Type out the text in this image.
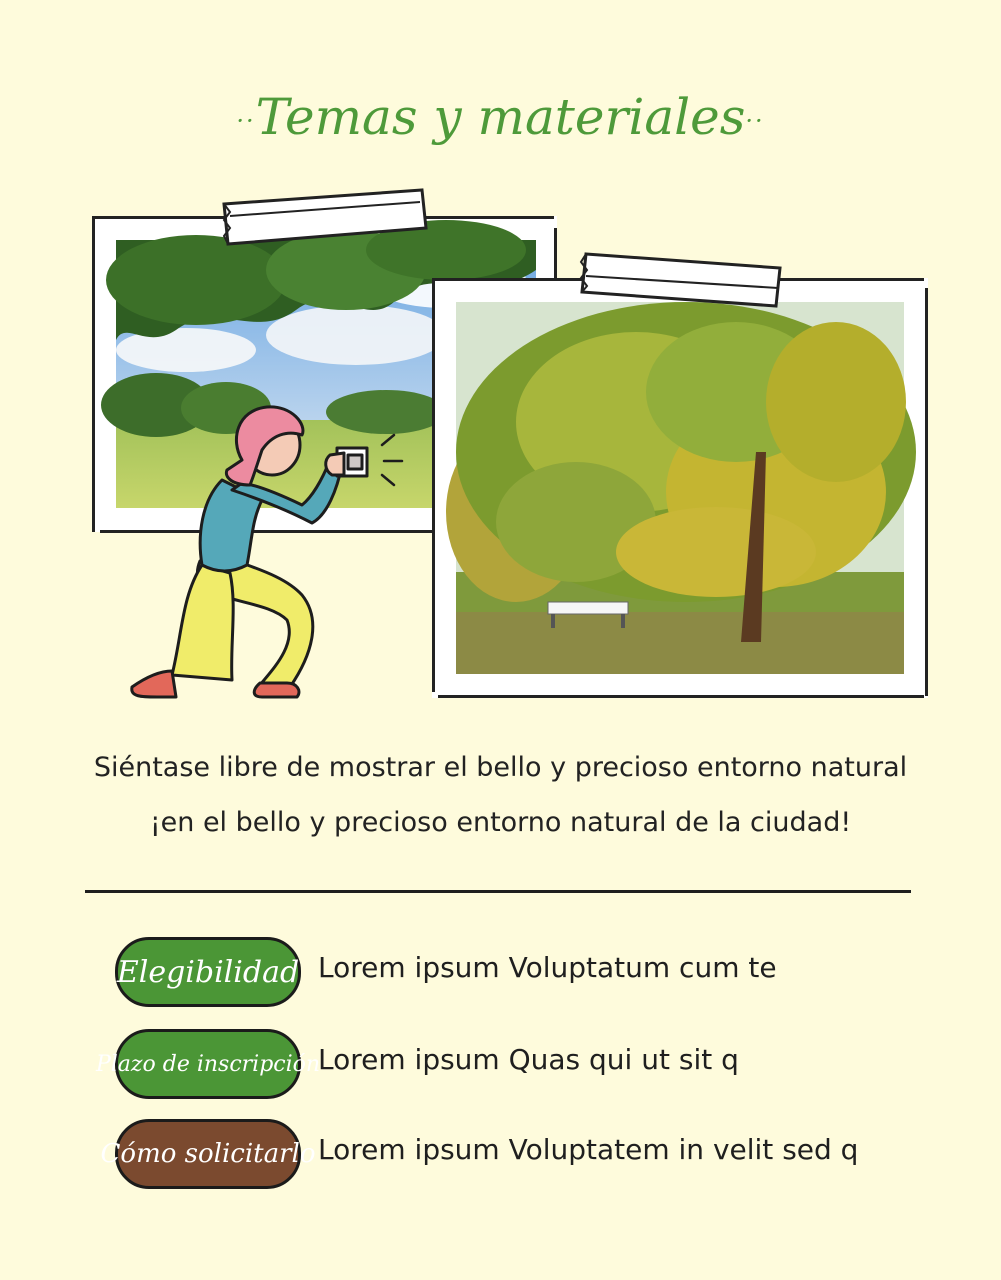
··Temas y materiales··
Siéntase libre de mostrar el bello y precioso entorno natural
¡en el bello y precioso entorno natural de la ciudad!
Elegibilidad Lorem ipsum Voluptatum cum te
Plazo de inscripción
Lorem ipsum Quas qui ut sit q
Cómo solicitarlo Lorem ipsum Voluptatem in velit sed q
